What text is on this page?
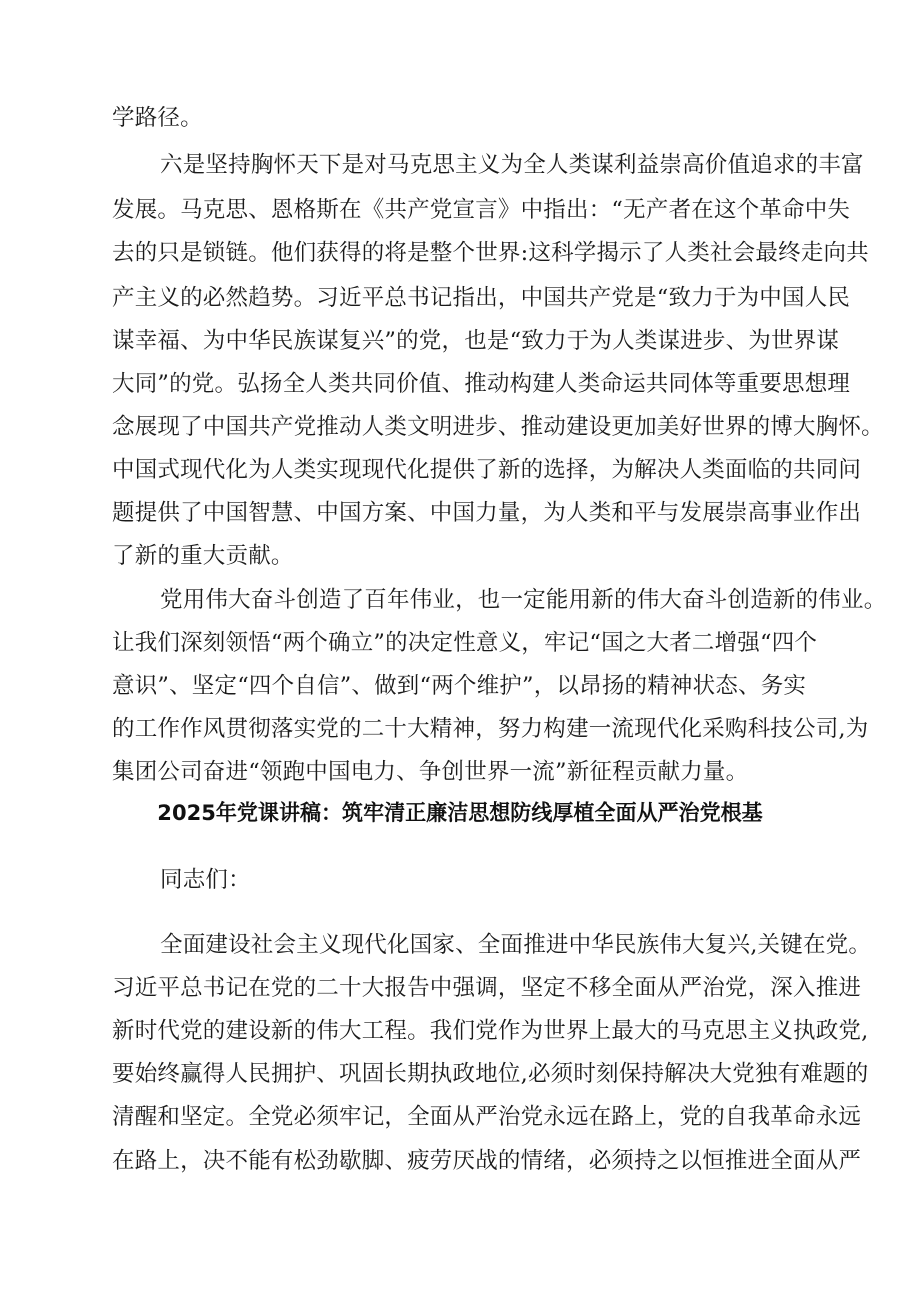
学路径。
六是坚持胸怀天下是对马克思主义为全人类谋利益崇高价值追求的丰富
发展。马克思、恩格斯在《共产党宣言》中指出：“无产者在这个革命中失
去的只是锁链。他们获得的将是整个世界:这科学揭示了人类社会最终走向共
产主义的必然趋势。习近平总书记指出，中国共产党是“致力于为中国人民
谋幸福、为中华民族谋复兴”的党，也是“致力于为人类谋进步、为世界谋
大同”的党。弘扬全人类共同价值、推动构建人类命运共同体等重要思想理
念展现了中国共产党推动人类文明进步、推动建设更加美好世界的博大胸怀。
中国式现代化为人类实现现代化提供了新的选择，为解决人类面临的共同问
题提供了中国智慧、中国方案、中国力量，为人类和平与发展崇高事业作出
了新的重大贡献。
党用伟大奋斗创造了百年伟业，也一定能用新的伟大奋斗创造新的伟业。
让我们深刻领悟“两个确立”的决定性意义，牢记“国之大者二增强“四个
意识”、坚定“四个自信”、做到“两个维护”，以昂扬的精神状态、务实
的工作作风贯彻落实党的二十大精神，努力构建一流现代化采购科技公司,为
集团公司奋进“领跑中国电力、争创世界一流”新征程贡献力量。
2025年党课讲稿：筑牢清正廉洁思想防线厚植全面从严治党根基
同志们：
全面建设社会主义现代化国家、全面推进中华民族伟大复兴,关键在党。
习近平总书记在党的二十大报告中强调，坚定不移全面从严治党，深入推进
新时代党的建设新的伟大工程。我们党作为世界上最大的马克思主义执政党,
要始终赢得人民拥护、巩固长期执政地位,必须时刻保持解决大党独有难题的
清醒和坚定。全党必须牢记，全面从严治党永远在路上，党的自我革命永远
在路上，决不能有松劲歇脚、疲劳厌战的情绪，必须持之以恒推进全面从严
